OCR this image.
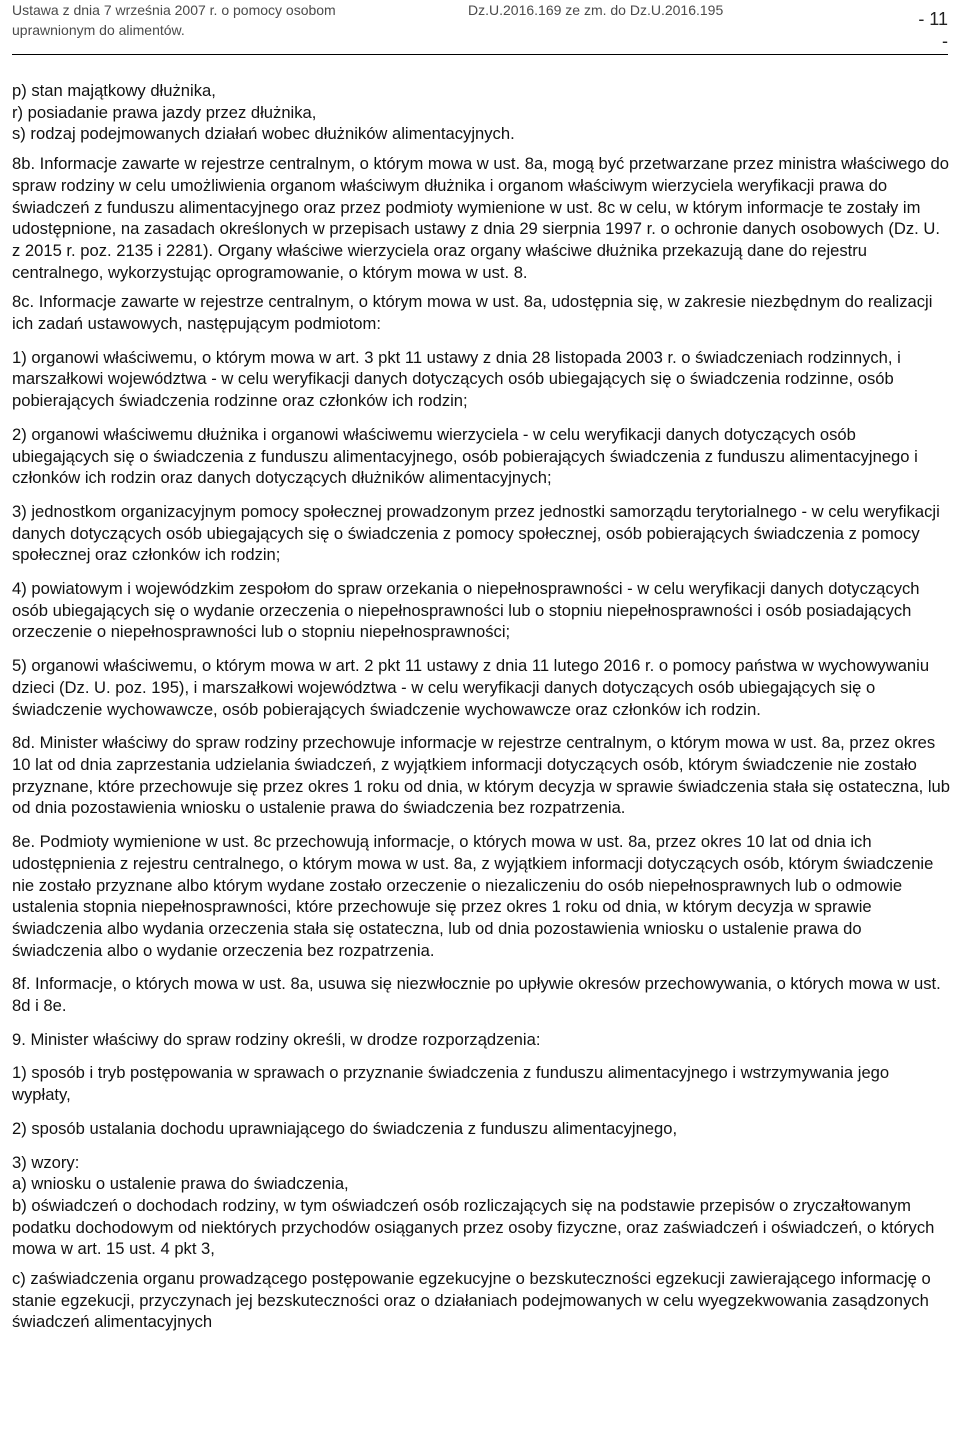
Ustawa z dnia 7 września 2007 r. o pomocy osobom
uprawnionym do alimentów.
Dz.U.2016.169 ze zm. do Dz.U.2016.195	- 11
-

p) stan majątkowy dłużnika,

r) posiadanie prawa jazdy przez dłużnika,

s) rodzaj podejmowanych działań wobec dłużników alimentacyjnych.

8b. Informacje zawarte w rejestrze centralnym, o którym mowa w ust. 8a, mogą być przetwarzane przez ministra właściwego do spraw rodziny w celu umożliwienia organom właściwym dłużnika i organom właściwym wierzyciela weryfikacji prawa do świadczeń z funduszu alimentacyjnego oraz przez podmioty wymienione w ust. 8c w celu, w którym informacje te zostały im udostępnione, na zasadach określonych w przepisach ustawy z dnia 29 sierpnia 1997 r. o ochronie danych osobowych (Dz. U. z 2015 r. poz. 2135 i 2281). Organy właściwe wierzyciela oraz organy właściwe dłużnika przekazują dane do rejestru centralnego, wykorzystując oprogramowanie, o którym mowa w ust. 8.

8c. Informacje zawarte w rejestrze centralnym, o którym mowa w ust. 8a, udostępnia się, w zakresie niezbędnym do realizacji ich zadań ustawowych, następującym podmiotom:

1) organowi właściwemu, o którym mowa w art. 3 pkt 11 ustawy z dnia 28 listopada 2003 r. o świadczeniach rodzinnych, i marszałkowi województwa - w celu weryfikacji danych dotyczących osób ubiegających się o świadczenia rodzinne, osób pobierających świadczenia rodzinne oraz członków ich rodzin;

2) organowi właściwemu dłużnika i organowi właściwemu wierzyciela - w celu weryfikacji danych dotyczących osób ubiegających się o świadczenia z funduszu alimentacyjnego, osób pobierających świadczenia z funduszu alimentacyjnego i członków ich rodzin oraz danych dotyczących dłużników alimentacyjnych;

3) jednostkom organizacyjnym pomocy społecznej prowadzonym przez jednostki samorządu terytorialnego - w celu weryfikacji danych dotyczących osób ubiegających się o świadczenia z pomocy społecznej, osób pobierających świadczenia z pomocy społecznej oraz członków ich rodzin;

4) powiatowym i wojewódzkim zespołom do spraw orzekania o niepełnosprawności - w celu weryfikacji danych dotyczących osób ubiegających się o wydanie orzeczenia o niepełnosprawności lub o stopniu niepełnosprawności i osób posiadających orzeczenie o niepełnosprawności lub o stopniu niepełnosprawności;

5) organowi właściwemu, o którym mowa w art. 2 pkt 11 ustawy z dnia 11 lutego 2016 r. o pomocy państwa w wychowywaniu dzieci (Dz. U. poz. 195), i marszałkowi województwa - w celu weryfikacji danych dotyczących osób ubiegających się o świadczenie wychowawcze, osób pobierających świadczenie wychowawcze oraz członków ich rodzin.

8d. Minister właściwy do spraw rodziny przechowuje informacje w rejestrze centralnym, o którym mowa w ust. 8a, przez okres 10 lat od dnia zaprzestania udzielania świadczeń, z wyjątkiem informacji dotyczących osób, którym świadczenie nie zostało przyznane, które przechowuje się przez okres 1 roku od dnia, w którym decyzja w sprawie świadczenia stała się ostateczna, lub od dnia pozostawienia wniosku o ustalenie prawa do świadczenia bez rozpatrzenia.

8e. Podmioty wymienione w ust. 8c przechowują informacje, o których mowa w ust. 8a, przez okres 10 lat od dnia ich udostępnienia z rejestru centralnego, o którym mowa w ust. 8a, z wyjątkiem informacji dotyczących osób, którym świadczenie nie zostało przyznane albo którym wydane zostało orzeczenie o niezaliczeniu do osób niepełnosprawnych lub o odmowie ustalenia stopnia niepełnosprawności, które przechowuje się przez okres 1 roku od dnia, w którym decyzja w sprawie świadczenia albo wydania orzeczenia stała się ostateczna, lub od dnia pozostawienia wniosku o ustalenie prawa do świadczenia albo o wydanie orzeczenia bez rozpatrzenia.

8f. Informacje, o których mowa w ust. 8a, usuwa się niezwłocznie po upływie okresów przechowywania, o których mowa w ust. 8d i 8e.

9. Minister właściwy do spraw rodziny określi, w drodze rozporządzenia:

1) sposób i tryb postępowania w sprawach o przyznanie świadczenia z funduszu alimentacyjnego i wstrzymywania jego wypłaty,

2) sposób ustalania dochodu uprawniającego do świadczenia z funduszu alimentacyjnego,

3) wzory:

a) wniosku o ustalenie prawa do świadczenia,

b) oświadczeń o dochodach rodziny, w tym oświadczeń osób rozliczających się na podstawie przepisów o zryczałtowanym podatku dochodowym od niektórych przychodów osiąganych przez osoby fizyczne, oraz zaświadczeń i oświadczeń, o których mowa w art. 15 ust. 4 pkt 3,

c) zaświadczenia organu prowadzącego postępowanie egzekucyjne o bezskuteczności egzekucji zawierającego informację o stanie egzekucji, przyczynach jej bezskuteczności oraz o działaniach podejmowanych w celu wyegzekwowania zasądzonych świadczeń alimentacyjnych
